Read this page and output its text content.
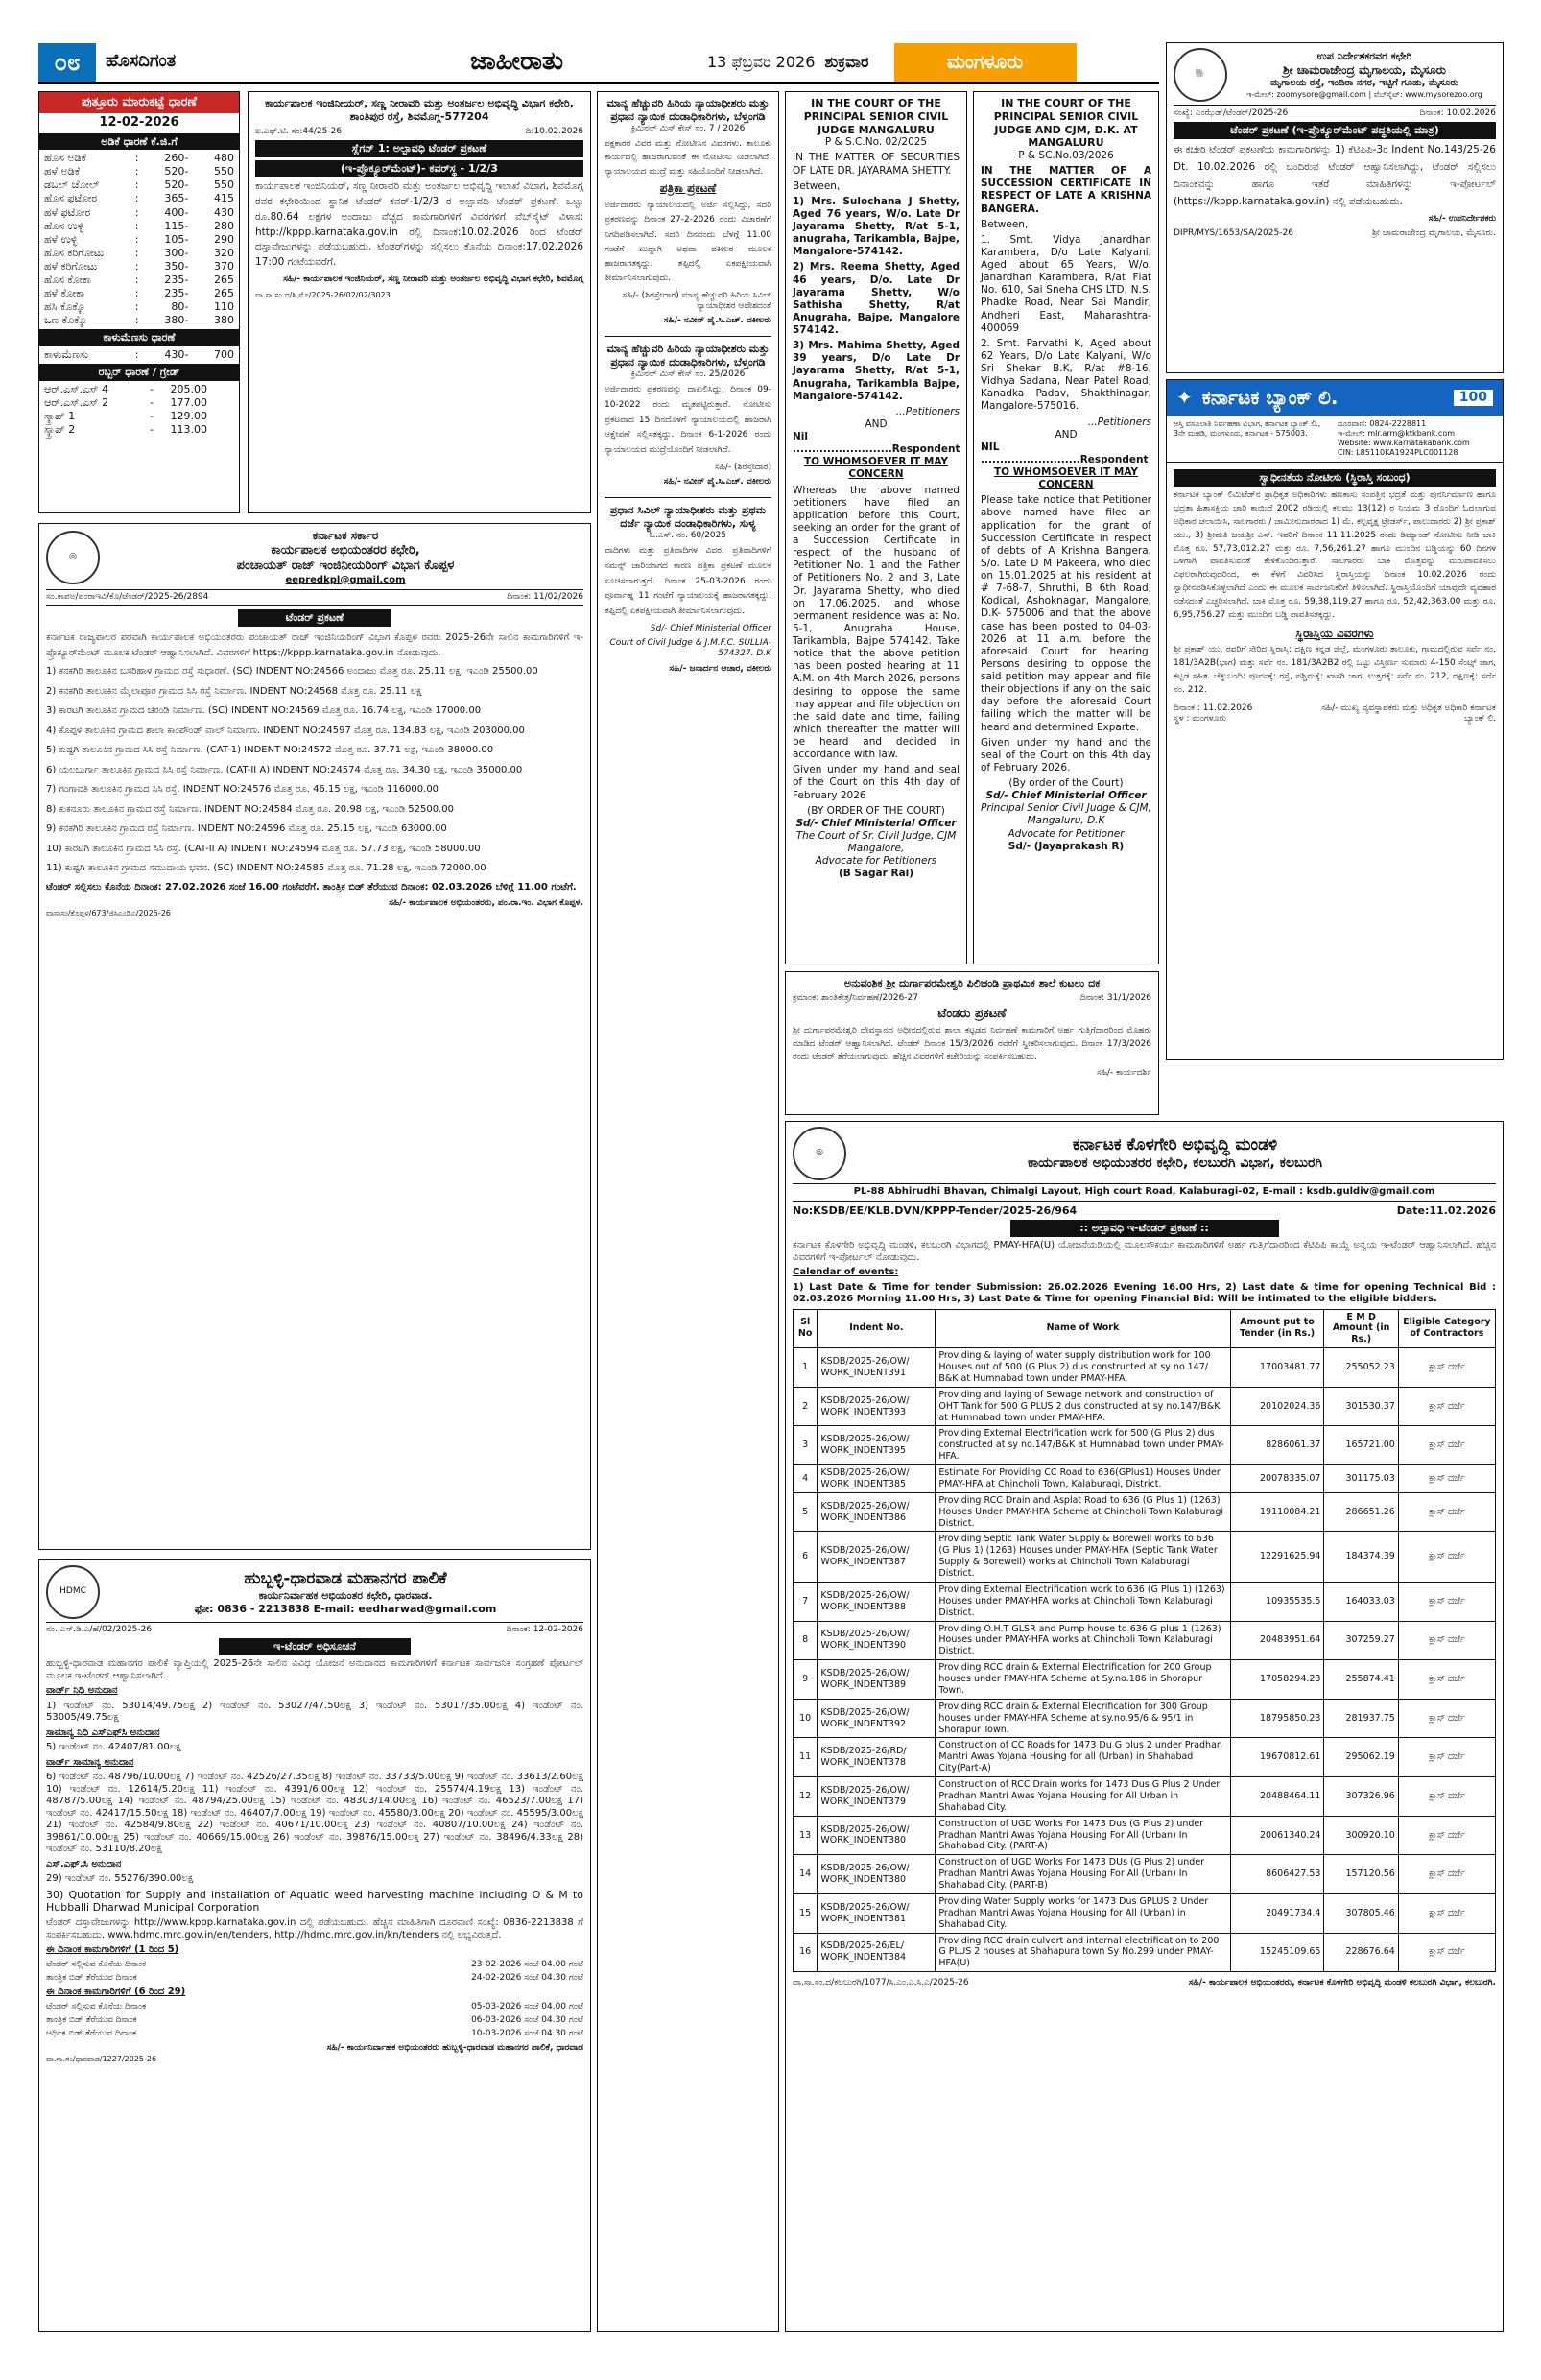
೦೮	ಹೊಸದಿಗಂತ	ಜಾಹೀರಾತು	13 ಫೆಬ್ರವರಿ 2026 ಶುಕ್ರವಾರ	ಮಂಗಳೂರು
ಪುತ್ತೂರು ಮಾರುಕಟ್ಟೆ ಧಾರಣೆ
12-02-2026
ಅಡಿಕೆ ಧಾರಣೆ ಕೆ.ಜಿ.ಗೆ
ಹೊಸ ಅಡಿಕೆ	:	260 -	480
ಹಳೆ ಅಡಿಕೆ	:	520 -	550
ಡಬಲ್ ಚೋಲ್	:	520 -	550
ಹೊಸ ಫಟೋರ	:	365 -	415
ಹಳೆ ಫಟೋರ	:	400 -	430
ಹೊಸ ಉಳ್ಳಿ	:	115 -	280
ಹಳೆ ಉಳ್ಳಿ	:	105 -	290
ಹೊಸ ಕರಿಗೋಟು	:	300 -	320
ಹಳೆ ಕರಿಗೋಟು	:	350 -	370
ಹೊಸ ಕೋಕಾ	:	235 -	265
ಹಳೆ ಕೋಕಾ	:	235 -	265
ಹಸಿ ಕೊಕ್ಕೊ	:	80 -	110
ಒಣ ಕೊಕ್ಕೊ	:	380 -	380
ಕಾಳುಮೆಣಸು ಧಾರಣೆ
ಕಾಳುಮೆಣಸು	:	430 -	700
ರಬ್ಬರ್ ಧಾರಣೆ / ಗ್ರೇಡ್
ಆರ್.ಎಸ್.ಎಸ್ 4	-	205.00
ಆರ್.ಎಸ್.ಎಸ್ 2	-	177.00
ಸ್ಕ್ರಾಪ್ 1	-	129.00
ಸ್ಕ್ರಾಪ್ 2	-	113.00
ಕಾರ್ಯಪಾಲಕ ಇಂಜಿನೀಯರ್, ಸಣ್ಣ ನೀರಾವರಿ ಮತ್ತು ಅಂತರ್ಜಲ ಅಭಿವೃದ್ಧಿ ವಿಭಾಗ ಕಛೇರಿ, ಶಾಂತಿಪುರ ರಸ್ತೆ, ಶಿವಮೊಗ್ಗ-577204
ಐ.ಎಫ್.ಟಿ. ಸಂ:44/25-26	ದಿ:10.02.2026
ಸ್ಲೆಗನ್ 1: ಅಲ್ಪಾವಧಿ ಟೆಂಡರ್ ಪ್ರಕಟಣೆ
(ಇ-ಪ್ರೊಕ್ಯೂರ್‌ಮೆಂಟ್)- ಕವರ್‌ಸ್ಥ - 1/2/3
ಕಾರ್ಯಪಾಲಕ ಇಂಜಿನಿಯರ್, ಸಣ್ಣ ನೀರಾವರಿ ಮತ್ತು ಅಂತರ್ಜಲ ಅಭಿವೃದ್ಧಿ ಇಲಾಖೆ ವಿಭಾಗ, ಶಿವಮೊಗ್ಗ ರವರ ಕಛೇರಿಯಿಂದ ಸ್ಥಾನಿಕ ಟೆಂಡರ್ ಕವರ್-1/2/3 ರ ಅಲ್ಪಾವಧಿ ಟೆಂಡರ್ ಪ್ರಕಟಣೆ. ಒಟ್ಟು ರೂ.80.64 ಲಕ್ಷಗಳ ಅಂದಾಜು ವೆಚ್ಚದ ಕಾಮಗಾರಿಗಳಿಗೆ ವಿವರಗಳಿಗೆ ವೆಬ್‌ಸೈಟ್ ವಿಳಾಸ: http://kppp.karnataka.gov.in ರಲ್ಲಿ ದಿನಾಂಕ:10.02.2026 ರಿಂದ ಟೆಂಡರ್ ದಸ್ತಾವೇಜುಗಳನ್ನು ಪಡೆಯಬಹುದು. ಟೆಂಡರ್‌ಗಳನ್ನು ಸಲ್ಲಿಸಲು ಕೊನೆಯ ದಿನಾಂಕ:17.02.2026 17:00 ಗಂಟೆಯವರೆಗೆ.
ಸಹಿ/- ಕಾರ್ಯಪಾಲಕ ಇಂಜಿನಿಯರ್, ಸಣ್ಣ ನೀರಾವರಿ ಮತ್ತು ಅಂತರ್ಜಲ ಅಭಿವೃದ್ಧಿ ವಿಭಾಗ ಕಛೇರಿ, ಶಿವಮೊಗ್ಗ
ವಾ.ಸಾ.ಸಂ.ದ/ಶಿ.ಮೊ/2025-26/02/02/3023
◎
ಕರ್ನಾಟಕ ಸರ್ಕಾರ
ಕಾರ್ಯಪಾಲಕ ಅಭಿಯಂತರರ ಕಛೇರಿ,
ಪಂಚಾಯತ್ ರಾಜ್ ಇಂಜಿನೀಯರಿಂಗ್ ವಿಭಾಗ ಕೊಪ್ಪಳ
eepredkpl@gmail.com
ಸಂ.ಕಾಪಅ/ಪಂರಾಇವಿ/ಕೊ/ಟೆಂಡರ್/2025-26/2894	ದಿನಾಂಕ: 11/02/2026
ಟೆಂಡರ್ ಪ್ರಕಟಣೆ
ಕರ್ನಾಟಕ ರಾಜ್ಯಪಾಲರ ಪರವಾಗಿ ಕಾರ್ಯಪಾಲಕ ಅಭಿಯಂತರರು ಪಂಚಾಯತ್ ರಾಜ್ ಇಂಜಿನಿಯರಿಂಗ್ ವಿಭಾಗ ಕೊಪ್ಪಳ ರವರು 2025-26ನೇ ಸಾಲಿನ ಕಾಮಗಾರಿಗಳಿಗೆ ಇ-ಪ್ರೊಕ್ಯೂರ್‌ಮೆಂಟ್ ಮೂಲಕ ಟೆಂಡರ್ ಆಹ್ವಾನಿಸಲಾಗಿದೆ. ವಿವರಗಳಿಗೆ https://kppp.karnataka.gov.in ನೋಡುವುದು.
1) ಕನಕಗಿರಿ ತಾಲೂಕಿನ ಬಸರಿಹಾಳ ಗ್ರಾಮದ ರಸ್ತೆ ಸುಧಾರಣೆ. (SC) INDENT NO:24566 ಅಂದಾಜು ಮೊತ್ತ ರೂ. 25.11 ಲಕ್ಷ, ಇಎಂಡಿ 25500.00
2) ಕನಕಗಿರಿ ತಾಲೂಕಿನ ಮೈಲಾಪೂರ ಗ್ರಾಮದ ಸಿಸಿ ರಸ್ತೆ ನಿರ್ಮಾಣ. INDENT NO:24568 ಮೊತ್ತ ರೂ. 25.11 ಲಕ್ಷ
3) ಕಾರಟಗಿ ತಾಲೂಕಿನ ಗ್ರಾಮದ ಚರಂಡಿ ನಿರ್ಮಾಣ. (SC) INDENT NO:24569 ಮೊತ್ತ ರೂ. 16.74 ಲಕ್ಷ, ಇಎಂಡಿ 17000.00
4) ಕೊಪ್ಪಳ ತಾಲೂಕಿನ ಗ್ರಾಮದ ಶಾಲಾ ಕಾಂಪೌಂಡ್ ವಾಲ್ ನಿರ್ಮಾಣ. INDENT NO:24597 ಮೊತ್ತ ರೂ. 134.83 ಲಕ್ಷ, ಇಎಂಡಿ 203000.00
5) ಕುಷ್ಟಗಿ ತಾಲೂಕಿನ ಗ್ರಾಮದ ಸಿಸಿ ರಸ್ತೆ ನಿರ್ಮಾಣ. (CAT-1) INDENT NO:24572 ಮೊತ್ತ ರೂ. 37.71 ಲಕ್ಷ, ಇಎಂಡಿ 38000.00
6) ಯಲಬುರ್ಗಾ ತಾಲೂಕಿನ ಗ್ರಾಮದ ಸಿಸಿ ರಸ್ತೆ ನಿರ್ಮಾಣ. (CAT-II A) INDENT NO:24574 ಮೊತ್ತ ರೂ. 34.30 ಲಕ್ಷ, ಇಎಂಡಿ 35000.00
7) ಗಂಗಾವತಿ ತಾಲೂಕಿನ ಗ್ರಾಮದ ಸಿಸಿ ರಸ್ತೆ. INDENT NO:24576 ಮೊತ್ತ ರೂ. 46.15 ಲಕ್ಷ, ಇಎಂಡಿ 116000.00
8) ಕುಕನೂರು ತಾಲೂಕಿನ ಗ್ರಾಮದ ರಸ್ತೆ ನಿರ್ಮಾಣ. INDENT NO:24584 ಮೊತ್ತ ರೂ. 20.98 ಲಕ್ಷ, ಇಎಂಡಿ 52500.00
9) ಕನಕಗಿರಿ ತಾಲೂಕಿನ ಗ್ರಾಮದ ರಸ್ತೆ ನಿರ್ಮಾಣ. INDENT NO:24596 ಮೊತ್ತ ರೂ. 25.15 ಲಕ್ಷ, ಇಎಂಡಿ 63000.00
10) ಕಾರಟಗಿ ತಾಲೂಕಿನ ಗ್ರಾಮದ ಸಿಸಿ ರಸ್ತೆ. (CAT-II A) INDENT NO:24594 ಮೊತ್ತ ರೂ. 57.73 ಲಕ್ಷ, ಇಎಂಡಿ 58000.00
11) ಕುಷ್ಟಗಿ ತಾಲೂಕಿನ ಗ್ರಾಮದ ಸಮುದಾಯ ಭವನ. (SC) INDENT NO:24585 ಮೊತ್ತ ರೂ. 71.28 ಲಕ್ಷ, ಇಎಂಡಿ 72000.00
ಟೆಂಡರ್ ಸಲ್ಲಿಸಲು ಕೊನೆಯ ದಿನಾಂಕ: 27.02.2026 ಸಂಜೆ 16.00 ಗಂಟೆವರೆಗೆ. ತಾಂತ್ರಿಕ ಬಿಡ್ ತೆರೆಯುವ ದಿನಾಂಕ: 02.03.2026 ಬೆಳಿಗ್ಗೆ 11.00 ಗಂಟೆಗೆ.
ಸಹಿ/- ಕಾರ್ಯಪಾಲಕ ಅಭಿಯಂತರರು, ಪಂ.ರಾ.ಇಂ. ವಿಭಾಗ ಕೊಪ್ಪಳ.
ವಾಸಾಸಂ/ಕೊಪ್ಪಳ/673/ಜಿಸಿಎಂಡಿಎ/2025-26
HDMC
ಹುಬ್ಬಳ್ಳಿ-ಧಾರವಾಡ ಮಹಾನಗರ ಪಾಲಿಕೆ
ಕಾರ್ಯನಿರ್ವಾಹಕ ಅಭಿಯಂತರ ಕಛೇರಿ, ಧಾರವಾಡ.
ಫೋ: 0836 - 2213838 E-mail: eedharwad@gmail.com
ನಂ. ಎಸ್.ಡಿ.ಎ/ಹೆ/02/2025-26	ದಿನಾಂಕ: 12-02-2026
ಇ-ಟೆಂಡರ್ ಅಧಿಸೂಚನೆ
ಹುಬ್ಬಳ್ಳಿ-ಧಾರವಾಡ ಮಹಾನಗರ ಪಾಲಿಕೆ ವ್ಯಾಪ್ತಿಯಲ್ಲಿ 2025-26ನೇ ಸಾಲಿನ ವಿವಿಧ ಯೋಜನೆ ಅನುದಾನದ ಕಾಮಗಾರಿಗಳಿಗೆ ಕರ್ನಾಟಕ ಸಾರ್ವಜನಿಕ ಸಂಗ್ರಹಣೆ ಪೋರ್ಟಲ್ ಮೂಲಕ ಇ-ಟೆಂಡರ್ ಆಹ್ವಾನಿಸಲಾಗಿದೆ.
ವಾರ್ಡ್ ನಿಧಿ ಅನುದಾನ
1) ಇಂಡೆಂಟ್ ನಂ. 53014/49.75ಲಕ್ಷ 2) ಇಂಡೆಂಟ್ ನಂ. 53027/47.50ಲಕ್ಷ 3) ಇಂಡೆಂಟ್ ನಂ. 53017/35.00ಲಕ್ಷ 4) ಇಂಡೆಂಟ್ ನಂ. 53005/49.75ಲಕ್ಷ
ಸಾಮಾನ್ಯ ನಿಧಿ ಎಸ್‌ಎಫ್‌ಸಿ ಅನುದಾನ
5) ಇಂಡೆಂಟ್ ನಂ. 42407/81.00ಲಕ್ಷ
ವಾರ್ಡ್ ಸಾಮಾನ್ಯ ಅನುದಾನ
6) ಇಂಡೆಂಟ್ ನಂ. 48796/10.00ಲಕ್ಷ 7) ಇಂಡೆಂಟ್ ನಂ. 42526/27.35ಲಕ್ಷ 8) ಇಂಡೆಂಟ್ ನಂ. 33733/5.00ಲಕ್ಷ 9) ಇಂಡೆಂಟ್ ನಂ. 33613/2.60ಲಕ್ಷ 10) ಇಂಡೆಂಟ್ ನಂ. 12614/5.20ಲಕ್ಷ 11) ಇಂಡೆಂಟ್ ನಂ. 4391/6.00ಲಕ್ಷ 12) ಇಂಡೆಂಟ್ ನಂ. 25574/4.19ಲಕ್ಷ 13) ಇಂಡೆಂಟ್ ನಂ. 48787/5.00ಲಕ್ಷ 14) ಇಂಡೆಂಟ್ ನಂ. 48794/25.00ಲಕ್ಷ 15) ಇಂಡೆಂಟ್ ನಂ. 48303/14.00ಲಕ್ಷ 16) ಇಂಡೆಂಟ್ ನಂ. 46523/7.00ಲಕ್ಷ 17) ಇಂಡೆಂಟ್ ನಂ. 42417/15.50ಲಕ್ಷ 18) ಇಂಡೆಂಟ್ ನಂ. 46407/7.00ಲಕ್ಷ 19) ಇಂಡೆಂಟ್ ನಂ. 45580/3.00ಲಕ್ಷ 20) ಇಂಡೆಂಟ್ ನಂ. 45595/3.00ಲಕ್ಷ 21) ಇಂಡೆಂಟ್ ನಂ. 42584/9.80ಲಕ್ಷ 22) ಇಂಡೆಂಟ್ ನಂ. 40671/10.00ಲಕ್ಷ 23) ಇಂಡೆಂಟ್ ನಂ. 40807/10.00ಲಕ್ಷ 24) ಇಂಡೆಂಟ್ ನಂ. 39861/10.00ಲಕ್ಷ 25) ಇಂಡೆಂಟ್ ನಂ. 40669/15.00ಲಕ್ಷ 26) ಇಂಡೆಂಟ್ ನಂ. 39876/15.00ಲಕ್ಷ 27) ಇಂಡೆಂಟ್ ನಂ. 38496/4.33ಲಕ್ಷ 28) ಇಂಡೆಂಟ್ ನಂ. 53110/8.20ಲಕ್ಷ
ಎಸ್.ಎಫ್.ಸಿ ಅನುದಾನ
29) ಇಂಡೆಂಟ್ ನಂ. 55276/390.00ಲಕ್ಷ
30) Quotation for Supply and installation of Aquatic weed harvesting machine including O & M to Hubballi Dharwad Municipal Corporation
ಟೆಂಡರ್ ದಸ್ತಾವೇಜುಗಳನ್ನು http://www.kppp.karnataka.gov.in ದಲ್ಲಿ ಪಡೆಯಬಹುದು. ಹೆಚ್ಚಿನ ಮಾಹಿತಿಗಾಗಿ ದೂರವಾಣಿ ಸಂಖ್ಯೆ: 0836-2213838 ಗೆ ಸಂಪರ್ಕಿಸಬಹುದು. www.hdmc.mrc.gov.in/en/tenders, http://hdmc.mrc.gov.in/kn/tenders ನಲ್ಲಿ ಲಭ್ಯವಿರುತ್ತದೆ.
ಈ ದಿನಾಂಕ ಕಾಮಗಾರಿಗಳಿಗೆ (1 ರಿಂದ 5)
ಟೆಂಡರ್ ಸಲ್ಲಿಸುವ ಕೊನೆಯ ದಿನಾಂಕ	23-02-2026 ಸಂಜೆ 04.00 ಗಂಟೆ
ತಾಂತ್ರಿಕ ಬಿಡ್ ತೆರೆಯುವ ದಿನಾಂಕ	24-02-2026 ಸಂಜೆ 04.30 ಗಂಟೆ
ಈ ದಿನಾಂಕ ಕಾಮಗಾರಿಗಳಿಗೆ (6 ರಿಂದ 29)
ಟೆಂಡರ್ ಸಲ್ಲಿಸುವ ಕೊನೆಯ ದಿನಾಂಕ	05-03-2026 ಸಂಜೆ 04.00 ಗಂಟೆ
ತಾಂತ್ರಿಕ ಬಿಡ್ ತೆರೆಯುವ ದಿನಾಂಕ	06-03-2026 ಸಂಜೆ 04.30 ಗಂಟೆ
ಆರ್ಥಿಕ ಬಿಡ್ ತೆರೆಯುವ ದಿನಾಂಕ	10-03-2026 ಸಂಜೆ 04.30 ಗಂಟೆ
ಸಹಿ/- ಕಾರ್ಯನಿರ್ವಾಹಕ ಅಭಿಯಂತರರು ಹುಬ್ಬಳ್ಳಿ-ಧಾರವಾಡ ಮಹಾನಗರ ಪಾಲಿಕೆ, ಧಾರವಾಡ
ವಾ.ಸಾ.ಸಂ/ಧಾರವಾಡ/1227/2025-26
ಮಾನ್ಯ ಹೆಚ್ಚುವರಿ ಹಿರಿಯ ನ್ಯಾಯಾಧೀಶರು ಮತ್ತು ಪ್ರಧಾನ ನ್ಯಾಯಿಕ ದಂಡಾಧಿಕಾರಿಗಳು, ಬೆಳ್ತಂಗಡಿ
ಕ್ರಿಮಿನಲ್ ಮಿಸ್ ಕೇಸ್ ನಂ. 7 / 2026
ಪಕ್ಷಕಾರರ ವಿವರ ಮತ್ತು ನೋಟೀಸಿನ ವಿವರಗಳು. ತಾಲೂಕು ಕಾರ್ಯದಲ್ಲಿ ಹಾಜರಾಗುವಂತೆ ಈ ನೋಟೀಸು ನೀಡಲಾಗಿದೆ. ನ್ಯಾಯಾಲಯದ ಮುದ್ರೆ ಮತ್ತು ಸಹಿಯೊಂದಿಗೆ ನೀಡಲಾಗಿದೆ.
ಪತ್ರಿಕಾ ಪ್ರಕಟಣೆ
ಅರ್ಜಿದಾರರು ನ್ಯಾಯಾಲಯದಲ್ಲಿ ಅರ್ಜಿ ಸಲ್ಲಿಸಿದ್ದು, ಸದರಿ ಪ್ರಕರಣವನ್ನು ದಿನಾಂಕ 27-2-2026 ರಂದು ವಿಚಾರಣೆಗೆ ನಿಗದಿಪಡಿಸಲಾಗಿದೆ. ಸದರಿ ದಿನದಂದು ಬೆಳಗ್ಗೆ 11.00 ಗಂಟೆಗೆ ಖುದ್ದಾಗಿ ಅಥವಾ ವಕೀಲರ ಮೂಲಕ ಹಾಜರಾಗತಕ್ಕದ್ದು. ತಪ್ಪಿದಲ್ಲಿ ಏಕಪಕ್ಷೀಯವಾಗಿ ತೀರ್ಮಾನಿಸಲಾಗುವುದು.
ಸಹಿ/- (ಶಿರಸ್ತೇದಾರ) ಮಾನ್ಯ ಹೆಚ್ಚುವರಿ ಹಿರಿಯ ಸಿವಿಲ್ ನ್ಯಾಯಾಧೀಶರ ಆದೇಶದಂತೆ
ಸಹಿ/- ನವೀನ್ ಪೈ.ಸಿ.ಎಚ್. ವಕೀಲರು
ಮಾನ್ಯ ಹೆಚ್ಚುವರಿ ಹಿರಿಯ ನ್ಯಾಯಾಧೀಶರು ಮತ್ತು ಪ್ರಧಾನ ನ್ಯಾಯಿಕ ದಂಡಾಧಿಕಾರಿಗಳು, ಬೆಳ್ತಂಗಡಿ
ಕ್ರಿಮಿನಲ್ ಮಿಸ್ ಕೇಸ್ ನಂ. 25/2026
ಅರ್ಜಿದಾರರು ಪ್ರಕರಣವನ್ನು ದಾಖಲಿಸಿದ್ದು, ದಿನಾಂಕ 09-10-2022 ರಂದು ಮೃತಪಟ್ಟಿರುತ್ತಾರೆ. ನೋಟೀಸು ಪ್ರಕಟವಾದ 15 ದಿನದೊಳಗೆ ನ್ಯಾಯಾಲಯದಲ್ಲಿ ಹಾಜರಾಗಿ ಆಕ್ಷೇಪಣೆ ಸಲ್ಲಿಸತಕ್ಕದ್ದು. ದಿನಾಂಕ 6-1-2026 ರಂದು ನ್ಯಾಯಾಲಯದ ಮುದ್ರೆಯೊಂದಿಗೆ ನೀಡಲಾಗಿದೆ.
ಸಹಿ/- (ಶಿರಸ್ತೇದಾರ)
ಸಹಿ/- ನವೀನ್ ಪೈ.ಸಿ.ಎಚ್. ವಕೀಲರು
ಪ್ರಧಾನ ಸಿವಿಲ್ ನ್ಯಾಯಾಧೀಶರು ಮತ್ತು ಪ್ರಥಮ ದರ್ಜೆ ನ್ಯಾಯಿಕ ದಂಡಾಧಿಕಾರಿಗಳು, ಸುಳ್ಯ
ಓ.ಎಸ್. ನಂ. 60/2025
ವಾದಿಗಳು ಮತ್ತು ಪ್ರತಿವಾದಿಗಳ ವಿವರ. ಪ್ರತಿವಾದಿಗಳಿಗೆ ಸಮನ್ಸ್ ಜಾರಿಯಾಗದ ಕಾರಣ ಪತ್ರಿಕಾ ಪ್ರಕಟಣೆ ಮೂಲಕ ಸೂಚಿಸಲಾಗುತ್ತದೆ. ದಿನಾಂಕ 25-03-2026 ರಂದು ಪೂರ್ವಾಹ್ನ 11 ಗಂಟೆಗೆ ನ್ಯಾಯಾಲಯಕ್ಕೆ ಹಾಜರಾಗತಕ್ಕದ್ದು. ತಪ್ಪಿದಲ್ಲಿ ಏಕಪಕ್ಷೀಯವಾಗಿ ತೀರ್ಮಾನಿಸಲಾಗುವುದು.
Sd/- Chief Ministerial Officer
Court of Civil Judge & J.M.F.C. SULLIA-574327. D.K
ಸಹಿ/- ಜನಾರ್ದನ ಆಚಾರ, ವಕೀಲರು
IN THE COURT OF THE PRINCIPAL SENIOR CIVIL JUDGE MANGALURU
P & S.C.No. 02/2025
IN THE MATTER OF SECURITIES OF LATE DR. JAYARAMA SHETTY.
Between,
1) Mrs. Sulochana J Shetty, Aged 76 years, W/o. Late Dr Jayarama Shetty, R/at 5-1, anugraha, Tarikambla, Bajpe, Mangalore-574142.
2) Mrs. Reema Shetty, Aged 46 years, D/o. Late Dr Jayarama Shetty, W/o Sathisha Shetty, R/at Anugraha, Bajpe, Mangalore 574142.
3) Mrs. Mahima Shetty, Aged 39 years, D/o Late Dr Jayarama Shetty, R/at 5-1, Anugraha, Tarikambla Bajpe, Mangalore-574142.
...Petitioners
AND
Nil ..........................Respondent
TO WHOMSOEVER IT MAY CONCERN
Whereas the above named petitioners have filed an application before this Court, seeking an order for the grant of a Succession Certificate in respect of the husband of Petitioner No. 1 and the Father of Petitioners No. 2 and 3, Late Dr. Jayarama Shetty, who died on 17.06.2025, and whose permanent residence was at No. 5-1, Anugraha House, Tarikambla, Bajpe 574142. Take notice that the above petition has been posted hearing at 11 A.M. on 4th March 2026, persons desiring to oppose the same may appear and file objection on the said date and time, failing which thereafter the matter will be heard and decided in accordance with law.
Given under my hand and seal of the Court on this 4th day of February 2026
(BY ORDER OF THE COURT)
Sd/- Chief Ministerial Officer
The Court of Sr. Civil Judge, CJM Mangalore,
Advocate for Petitioners
(B Sagar Rai)
IN THE COURT OF THE PRINCIPAL SENIOR CIVIL JUDGE AND CJM, D.K. AT MANGALURU
P & SC.No.03/2026
IN THE MATTER OF A SUCCESSION CERTIFICATE IN RESPECT OF LATE A KRISHNA BANGERA.
Between,
1. Smt. Vidya Janardhan Karambera, D/o Late Kalyani, Aged about 65 Years, W/o. Janardhan Karambera, R/at Flat No. 610, Sai Sneha CHS LTD, N.S. Phadke Road, Near Sai Mandir, Andheri East, Maharashtra-400069
2. Smt. Parvathi K, Aged about 62 Years, D/o Late Kalyani, W/o Sri Shekar B.K, R/at #8-16, Vidhya Sadana, Near Patel Road, Kanadka Padav, Shakthinagar, Mangalore-575016.
...Petitioners
AND
NIL ..........................Respondent
TO WHOMSOEVER IT MAY CONCERN
Please take notice that Petitioner above named have filed an application for the grant of Succession Certificate in respect of debts of A Krishna Bangera, S/o. Late D M Pakeera, who died on 15.01.2025 at his resident at # 7-68-7, Shruthi, B 6th Road, Kodical, Ashoknagar, Mangalore, D.K- 575006 and that the above case has been posted to 04-03-2026 at 11 a.m. before the aforesaid Court for hearing. Persons desiring to oppose the said petition may appear and file their objections if any on the said day before the aforesaid Court failing which the matter will be heard and determined Exparte.
Given under my hand and the seal of the Court on this 4th day of February 2026.
(By order of the Court)
Sd/- Chief Ministerial Officer
Principal Senior Civil Judge & CJM, Mangaluru, D.K
Advocate for Petitioner
Sd/- (Jayaprakash R)
ಅನುವಂಶಿಕ ಶ್ರೀ ದುರ್ಗಾಪರಮೇಶ್ವರಿ ಪಿಲಿಚಂಡಿ ಪ್ರಾಥಮಿಕ ಶಾಲೆ ಕುಟಲು ದಕ
ಕ್ರಮಾಂಕ: ಶಾಂತಿಕೇತ್ರ/ನಿರ್ವಹಣೆ/2026-27	ದಿನಾಂಕ: 31/1/2026
ಟೆಂಡರು ಪ್ರಕಟಣೆ
ಶ್ರೀ ದುರ್ಗಾಪರಮೇಶ್ವರಿ ದೇವಸ್ಥಾನದ ಅಧೀನದಲ್ಲಿರುವ ಶಾಲಾ ಕಟ್ಟಡದ ನಿರ್ವಹಣೆ ಕಾಮಗಾರಿಗೆ ಅರ್ಹ ಗುತ್ತಿಗೆದಾರರಿಂದ ಮೊಹರು ಮಾಡಿದ ಟೆಂಡರ್ ಆಹ್ವಾನಿಸಲಾಗಿದೆ. ಟೆಂಡರ್ ದಿನಾಂಕ 15/3/2026 ರವರೆಗೆ ಸ್ವೀಕರಿಸಲಾಗುವುದು. ದಿನಾಂಕ 17/3/2026 ರಂದು ಟೆಂಡರ್ ತೆರೆಯಲಾಗುವುದು. ಹೆಚ್ಚಿನ ವಿವರಗಳಿಗೆ ಕಚೇರಿಯನ್ನು ಸಂಪರ್ಕಿಸಬಹುದು.
ಸಹಿ/- ಕಾರ್ಯದರ್ಶಿ
🐘
ಉಪ ನಿರ್ದೇಶಕರವರ ಕಛೇರಿ
ಶ್ರೀ ಚಾಮರಾಜೇಂದ್ರ ಮೃಗಾಲಯ, ಮೈಸೂರು
ಮೃಗಾಲಯ ರಸ್ತೆ, ಇಂದಿರಾ ನಗರ, ಇಟ್ಟಿಗೆ ಗೂಡು, ಮೈಸೂರು
ಇ-ಮೇಲ್: zoomysore@gmail.com | ವೆಬ್‌ಸೈಟ್: www.mysorezoo.org
ಸಂಖ್ಯೆ: ಎಂಝೆಡ್/ಟೆಂಡರ್/2025-26	ದಿನಾಂಕ: 10.02.2026
ಟೆಂಡರ್ ಪ್ರಕಟಣೆ (ಇ-ಪ್ರೊಕ್ಯೂರ್‌ಮೆಂಟ್ ಪದ್ಧತಿಯಲ್ಲಿ ಮಾತ್ರ)
ಈ ಕಚೇರಿ ಟೆಂಡರ್ ಪ್ರಕಟಣೆಯ ಕಾಮಗಾರಿಗಳನ್ನು 1) ಕೆಟಿಪಿಪಿ-3ರ Indent No.143/25-26 Dt. 10.02.2026 ರಲ್ಲಿ ಬಂದಿರುವ ಟೆಂಡರ್ ಆಹ್ವಾನಿಸಲಾಗಿದ್ದು, ಟೆಂಡರ್ ಸಲ್ಲಿಸಲು ದಿನಾಂಕವನ್ನು ಹಾಗೂ ಇತರೆ ಮಾಹಿತಿಗಳನ್ನು ಇ-ಪೋರ್ಟಲ್ (https://kppp.karnataka.gov.in) ನಲ್ಲಿ ಪಡೆಯಬಹುದು.
ಸಹಿ/- ಉಪನಿರ್ದೇಶಕರು
DIPR/MYS/1653/SA/2025-26	ಶ್ರೀ ಚಾಮರಾಜೇಂದ್ರ ಮೃಗಾಲಯ, ಮೈಸೂರು.
✦ ಕರ್ನಾಟಕ ಬ್ಯಾಂಕ್ ಲಿ.	100
ಆಸ್ತಿ ವಸೂಲಾತಿ ನಿರ್ವಹಣಾ ವಿಭಾಗ, ಕರ್ನಾಟಕ ಬ್ಯಾಂಕ್ ಲಿ., 3ನೇ ಮಹಡಿ, ಮಂಗಳೂರು, ಕರ್ನಾಟಕ - 575003.
ದೂರವಾಣಿ: 0824-2228811
ಇ-ಮೇಲ್: mlr.arm@ktkbank.com
Website: www.karnatakabank.com
CIN: L85110KA1924PLC001128
ಸ್ವಾಧೀನತೆಯ ನೋಟೀಸು (ಸ್ಥಿರಾಸ್ತಿ ಸಂಬಂಧ)
ಕರ್ನಾಟಕ ಬ್ಯಾಂಕ್ ಲಿಮಿಟೆಡ್‌ನ ಪ್ರಾಧಿಕೃತ ಅಧಿಕಾರಿಗಳು ಹಣಕಾಸು ಸಂಪತ್ತಿನ ಭದ್ರತೆ ಮತ್ತು ಪುನರ್ನಿರ್ಮಾಣ ಹಾಗೂ ಭದ್ರತಾ ಹಿತಾಸಕ್ತಿಯ ಜಾರಿ ಕಾಯಿದೆ 2002 ರಡಿಯಲ್ಲಿ ಕಲಮು 13(12) ರ ನಿಯಮ 3 ರೊಂದಿಗೆ ಓದಲಾಗುವ ಅಧಿಕಾರ ಚಲಾಯಿಸಿ, ಸಾಲಗಾರರು / ಜಾಮೀನುದಾರರಾದ 1) ಮೆ. ಕಲ್ಪವೃಕ್ಷ ಟ್ರೇಡರ್ಸ್, ಪಾಲುದಾರರು 2) ಶ್ರೀ ಪ್ರಕಾಶ್ ಯು., 3) ಶ್ರೀಮತಿ ಜಯಶ್ರೀ ಎಸ್. ಇವರಿಗೆ ದಿನಾಂಕ 11.11.2025 ರಂದು ಡಿಮ್ಯಾಂಡ್ ನೋಟೀಸು ನೀಡಿ ಬಾಕಿ ಮೊತ್ತ ರೂ. 57,73,012.27 ಮತ್ತು ರೂ. 7,56,261.27 ಹಾಗೂ ಮುಂದಿನ ಬಡ್ಡಿಯನ್ನು 60 ದಿನಗಳ ಒಳಗಾಗಿ ಪಾವತಿಸುವಂತೆ ಕೇಳಿಕೊಂಡಿರುತ್ತಾರೆ. ಸಾಲಗಾರರು ಬಾಕಿ ಮೊತ್ತವನ್ನು ಮರುಪಾವತಿಸಲು ವಿಫಲರಾಗಿರುವುದರಿಂದ, ಈ ಕೆಳಗೆ ವಿವರಿಸಿದ ಸ್ಥಿರಾಸ್ತಿಯನ್ನು ದಿನಾಂಕ 10.02.2026 ರಂದು ಸ್ವಾಧೀನಪಡಿಸಿಕೊಳ್ಳಲಾಗಿದೆ ಎಂದು ಈ ಮೂಲಕ ಸಾರ್ವಜನಿಕರಿಗೆ ತಿಳಿಸಲಾಗಿದೆ. ಸ್ಥಿರಾಸ್ತಿಯೊಂದಿಗೆ ಯಾವುದೇ ವ್ಯವಹಾರ ನಡೆಸದಂತೆ ಎಚ್ಚರಿಸಲಾಗಿದೆ. ಬಾಕಿ ಮೊತ್ತ ರೂ. 59,38,119.27 ಹಾಗೂ ರೂ. 52,42,363.00 ಮತ್ತು ರೂ. 6,95,756.27 ಮತ್ತು ಮುಂದಿನ ಬಡ್ಡಿ ಪಾವತಿಸತಕ್ಕದ್ದು.
ಸ್ಥಿರಾಸ್ತಿಯ ವಿವರಗಳು
ಶ್ರೀ ಪ್ರಕಾಶ್ ಯು. ರವರಿಗೆ ಸೇರಿದ ಸ್ಥಿರಾಸ್ತಿ: ದಕ್ಷಿಣ ಕನ್ನಡ ಜಿಲ್ಲೆ, ಮಂಗಳೂರು ತಾಲೂಕು, ಗ್ರಾಮದಲ್ಲಿರುವ ಸರ್ವೆ ನಂ. 181/3A2B(ಭಾಗ) ಮತ್ತು ಸರ್ವೆ ನಂ. 181/3A2B2 ರಲ್ಲಿ ಒಟ್ಟು ವಿಸ್ತೀರ್ಣ ಸುಮಾರು 4-150 ಸೆಂಟ್ಸ್ ಜಾಗ, ಕಟ್ಟಡ ಸಹಿತ. ಚೆಕ್ಕುಬಂದಿ: ಪೂರ್ವಕ್ಕೆ: ರಸ್ತೆ, ಪಶ್ಚಿಮಕ್ಕೆ: ಖಾಸಗಿ ಜಾಗ, ಉತ್ತರಕ್ಕೆ: ಸರ್ವೆ ನಂ. 212, ದಕ್ಷಿಣಕ್ಕೆ: ಸರ್ವೆ ನಂ. 212.
ದಿನಾಂಕ : 11.02.2026
ಸ್ಥಳ : ಮಂಗಳೂರು
ಸಹಿ/- ಮುಖ್ಯ ವ್ಯವಸ್ಥಾಪಕರು ಮತ್ತು ಅಧಿಕೃತ ಅಧಿಕಾರಿ ಕರ್ನಾಟಕ ಬ್ಯಾಂಕ್ ಲಿ.
◎	ಕರ್ನಾಟಕ ಕೊಳಗೇರಿ ಅಭಿವೃದ್ಧಿ ಮಂಡಳಿ
ಕಾರ್ಯಪಾಲಕ ಅಭಿಯಂತರರ ಕಛೇರಿ, ಕಲಬುರಗಿ ವಿಭಾಗ, ಕಲಬುರಗಿ
PL-88 Abhirudhi Bhavan, Chimalgi Layout, High court Road, Kalaburagi-02, E-mail : ksdb.guldiv@gmail.com
No:KSDB/EE/KLB.DVN/KPPP-Tender/2025-26/964	Date:11.02.2026
:: ಅಲ್ಪಾವಧಿ ಇ-ಟೆಂಡರ್ ಪ್ರಕಟಣೆ ::
ಕರ್ನಾಟಕ ಕೊಳಗೇರಿ ಅಭಿವೃದ್ಧಿ ಮಂಡಳಿ, ಕಲಬುರಗಿ ವಿಭಾಗದಲ್ಲಿ PMAY-HFA(U) ಯೋಜನೆಯಡಿಯಲ್ಲಿ ಮೂಲಸೌಕರ್ಯ ಕಾಮಗಾರಿಗಳಿಗೆ ಅರ್ಹ ಗುತ್ತಿಗೆದಾರರಿಂದ ಕೆಟಿಪಿಪಿ ಕಾಯ್ದೆ ಅನ್ವಯ ಇ-ಟೆಂಡರ್ ಆಹ್ವಾನಿಸಲಾಗಿದೆ. ಹೆಚ್ಚಿನ ವಿವರಗಳಿಗೆ ಇ-ಪೋರ್ಟಲ್ ನೋಡುವುದು.
Calendar of events:
1) Last Date & Time for tender Submission: 26.02.2026 Evening 16.00 Hrs, 2) Last date & time for opening Technical Bid : 02.03.2026 Morning 11.00 Hrs, 3) Last Date & Time for opening Financial Bid: Will be intimated to the eligible bidders.
Sl No	Indent No.	Name of Work	Amount put to Tender (in Rs.)	E M D Amount (in Rs.)	Eligible Category of Contractors
1	KSDB/2025-26/OW/ WORK_INDENT391	Providing & laying of water supply distribution work for 100 Houses out of 500 (G Plus 2) dus constructed at sy no.147/ B&K at Humnabad town under PMAY-HFA.	17003481.77	255052.23	ಕ್ಲಾಸ್ ದರ್ಜೆ
2	KSDB/2025-26/OW/ WORK_INDENT393	Providing and laying of Sewage network and construction of OHT Tank for 500 G PLUS 2 dus constructed at sy no.147/B&K at Humnabad town under PMAY-HFA.	20102024.36	301530.37	ಕ್ಲಾಸ್ ದರ್ಜೆ
3	KSDB/2025-26/OW/ WORK_INDENT395	Providing External Electrification work for 500 (G Plus 2) dus constructed at sy no.147/B&K at Humnabad town under PMAY-HFA.	8286061.37	165721.00	ಕ್ಲಾಸ್ ದರ್ಜೆ
4	KSDB/2025-26/OW/ WORK_INDENT385	Estimate For Providing CC Road to 636(GPlus1) Houses Under PMAY-HFA at Chincholi Town, Kalaburagi, District.	20078335.07	301175.03	ಕ್ಲಾಸ್ ದರ್ಜೆ
5	KSDB/2025-26/OW/ WORK_INDENT386	Providing RCC Drain and Asplat Road to 636 (G Plus 1) (1263) Houses Under PMAY-HFA Scheme at Chincholi Town Kalaburagi District.	19110084.21	286651.26	ಕ್ಲಾಸ್ ದರ್ಜೆ
6	KSDB/2025-26/OW/ WORK_INDENT387	Providing Septic Tank Water Supply & Borewell works to 636 (G Plus 1) (1263) Houses under PMAY-HFA (Septic Tank Water Supply & Borewell) works at Chincholi Town Kalaburagi District.	12291625.94	184374.39	ಕ್ಲಾಸ್ ದರ್ಜೆ
7	KSDB/2025-26/OW/ WORK_INDENT388	Providing External Electrification work to 636 (G Plus 1) (1263) Houses under PMAY-HFA works at Chincholi Town Kalaburagi District.	10935535.5	164033.03	ಕ್ಲಾಸ್ ದರ್ಜೆ
8	KSDB/2025-26/OW/ WORK_INDENT390	Providing O.H.T GLSR and Pump house to 636 G plus 1 (1263) Houses under PMAY-HFA works at Chincholi Town Kalaburagi District.	20483951.64	307259.27	ಕ್ಲಾಸ್ ದರ್ಜೆ
9	KSDB/2025-26/OW/ WORK_INDENT389	Providing RCC drain & External Electrification for 200 Group houses under PMAY-HFA Scheme at Sy.no.186 in Shorapur Town.	17058294.23	255874.41	ಕ್ಲಾಸ್ ದರ್ಜೆ
10	KSDB/2025-26/OW/ WORK_INDENT392	Providing RCC drain & External Elecrification for 300 Group houses under PMAY-HFA Scheme at sy.no.95/6 & 95/1 in Shorapur Town.	18795850.23	281937.75	ಕ್ಲಾಸ್ ದರ್ಜೆ
11	KSDB/2025-26/RD/ WORK_INDENT378	Construction of CC Roads for 1473 Du G plus 2 under Pradhan Mantri Awas Yojana Housing for all (Urban) in Shahabad City(Part-A)	19670812.61	295062.19	ಕ್ಲಾಸ್ ದರ್ಜೆ
12	KSDB/2025-26/OW/ WORK_INDENT379	Construction of RCC Drain works for 1473 Dus G Plus 2 Under Pradhan Mantri Awas Yojana Housing for All Urban in Shahabad City.	20488464.11	307326.96	ಕ್ಲಾಸ್ ದರ್ಜೆ
13	KSDB/2025-26/OW/ WORK_INDENT380	Construction of UGD Works For 1473 Dus (G Plus 2) under Pradhan Mantri Awas Yojana Housing For All (Urban) In Shahabad City. (PART-A)	20061340.24	300920.10	ಕ್ಲಾಸ್ ದರ್ಜೆ
14	KSDB/2025-26/OW/ WORK_INDENT380	Construction of UGD Works For 1473 DUs (G Plus 2) under Pradhan Mantri Awas Yojana Housing For All (Urban) In Shahabad City. (PART-B)	8606427.53	157120.56	ಕ್ಲಾಸ್ ದರ್ಜೆ
15	KSDB/2025-26/OW/ WORK_INDENT381	Providing Water Supply works for 1473 Dus GPLUS 2 Under Pradhan Mantri Awas Yojana Housing for All (Urban) in Shahabad City.	20491734.4	307805.46	ಕ್ಲಾಸ್ ದರ್ಜೆ
16	KSDB/2025-26/EL/ WORK_INDENT384	Providing RCC drain culvert and internal electrification to 200 G PLUS 2 houses at Shahapura town Sy No.299 under PMAY-HFA(U)	15245109.65	228676.64	ಕ್ಲಾಸ್ ದರ್ಜೆ
ವಾ.ಸಾ.ಸಂ.ದ/ಕಲಬುರಗಿ/1077/ಸಿ.ಎಂ.ಎ.ಸಿ.ಎ/2025-26	ಸಹಿ/- ಕಾರ್ಯಪಾಲಕ ಅಭಿಯಂತರರು, ಕರ್ನಾಟಕ ಕೊಳಗೇರಿ ಅಭಿವೃದ್ಧಿ ಮಂಡಳಿ ಕಲಬುರಗಿ ವಿಭಾಗ, ಕಲಬುರಗಿ.
